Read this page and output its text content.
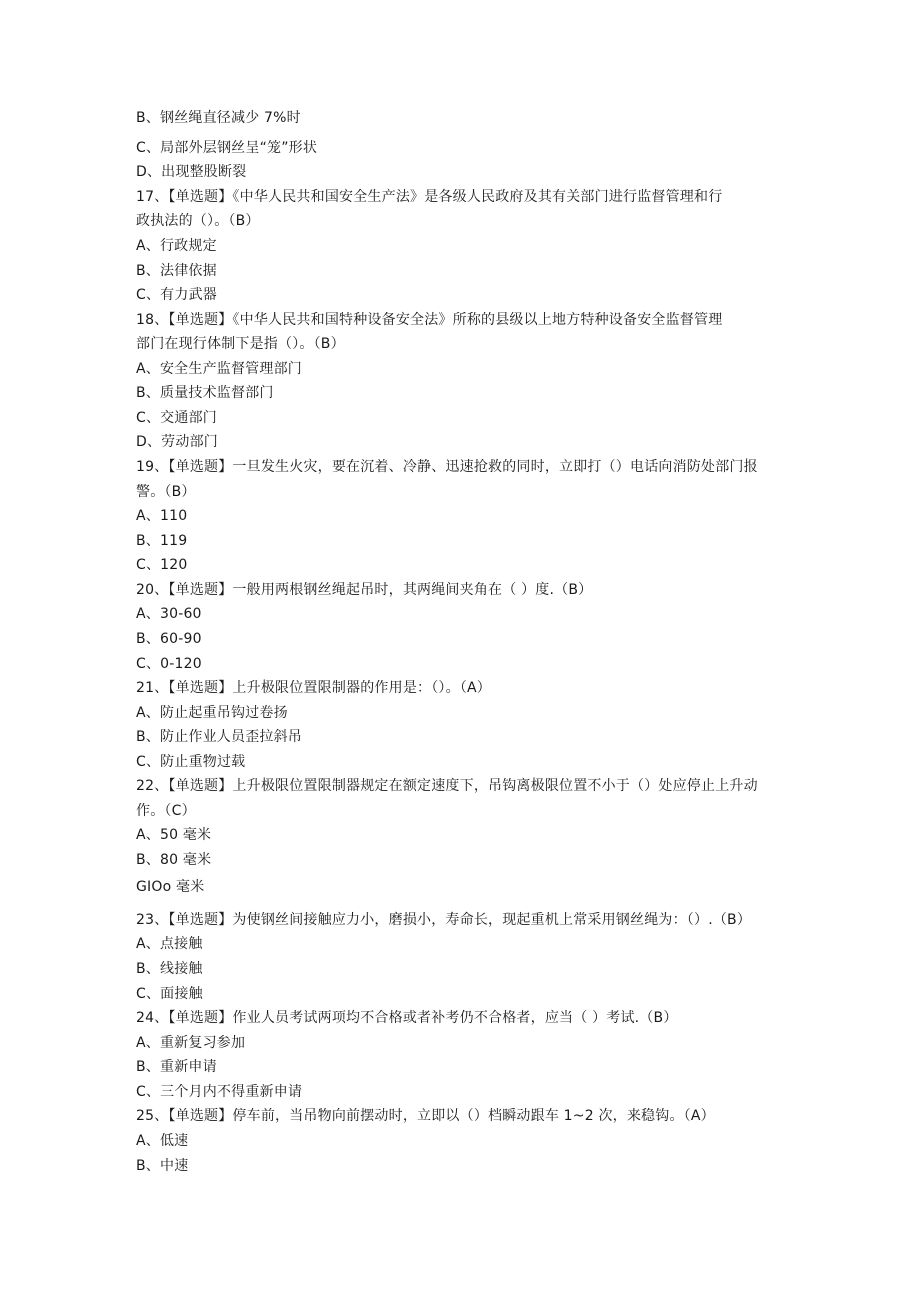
B、钢丝绳直径减少 7%时
C、局部外层钢丝呈“笼”形状
D、出现整股断裂
17、【单选题】《中华人民共和国安全生产法》是各级人民政府及其有关部门进行监督管理和行
政执法的（）。（B）
A、行政规定
B、法律依据
C、有力武器
18、【单选题】《中华人民共和国特种设备安全法》所称的县级以上地方特种设备安全监督管理
部门在现行体制下是指（）。（B）
A、安全生产监督管理部门
B、质量技术监督部门
C、交通部门
D、劳动部门
19、【单选题】一旦发生火灾，要在沉着、冷静、迅速抢救的同时，立即打（）电话向消防处部门报
警。（B）
A、110
B、119
C、120
20、【单选题】一般用两根钢丝绳起吊时，其两绳间夹角在（ ）度.（B）
A、30-60
B、60-90
C、0-120
21、【单选题】上升极限位置限制器的作用是：（）。（A）
A、防止起重吊钩过卷扬
B、防止作业人员歪拉斜吊
C、防止重物过载
22、【单选题】上升极限位置限制器规定在额定速度下，吊钩离极限位置不小于（）处应停止上升动
作。（C）
A、50 毫米
B、80 毫米
GIOo 毫米
23、【单选题】为使钢丝间接触应力小，磨损小，寿命长，现起重机上常采用钢丝绳为：（）.（B）
A、点接触
B、线接触
C、面接触
24、【单选题】作业人员考试两项均不合格或者补考仍不合格者，应当（ ）考试.（B）
A、重新复习参加
B、重新申请
C、三个月内不得重新申请
25、【单选题】停车前，当吊物向前摆动时，立即以（）档瞬动跟车 1~2 次，来稳钩。（A）
A、低速
B、中速
